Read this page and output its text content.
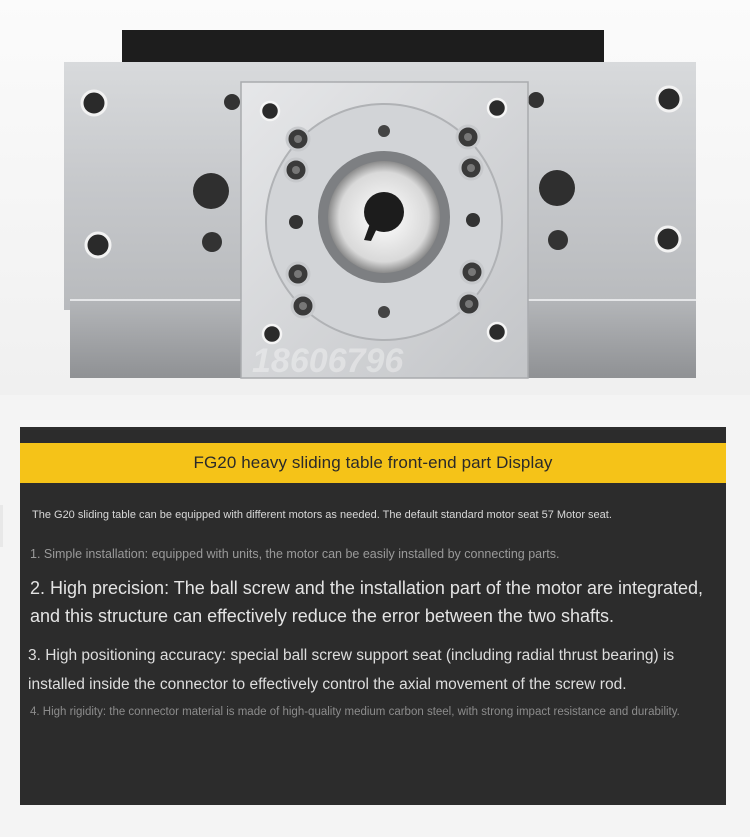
18606796
FG20 heavy sliding table front-end part Display
The G20 sliding table can be equipped with different motors as needed. The default standard motor seat 57 Motor seat.
1. Simple installation: equipped with units, the motor can be easily installed by connecting parts.
2. High precision: The ball screw and the installation part of the motor are integrated, and this structure can effectively reduce the error between the two shafts.
3. High positioning accuracy: special ball screw support seat (including radial thrust bearing) is installed inside the connector to effectively control the axial movement of the screw rod.
4. High rigidity: the connector material is made of high-quality medium carbon steel, with strong impact resistance and durability.
